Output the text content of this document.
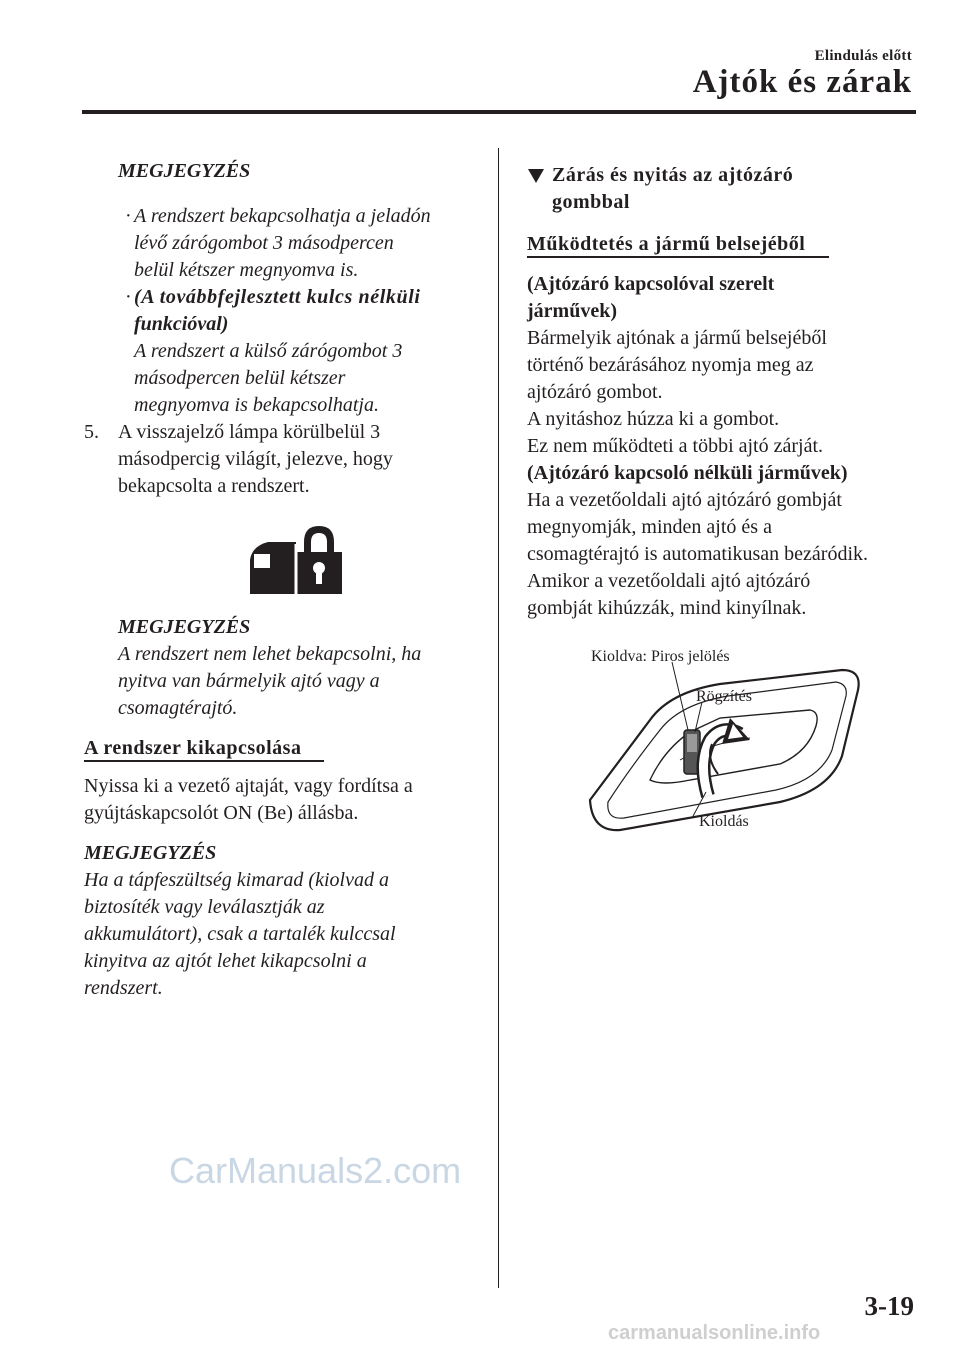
Elindulás előtt
Ajtók és zárak
MEGJEGYZÉS
· A rendszert bekapcsolhatja a jeladón
lévő zárógombot 3 másodpercen
belül kétszer megnyomva is.
· (A továbbfejlesztett kulcs nélküli
funkcióval)
A rendszert a külső zárógombot 3
másodpercen belül kétszer
megnyomva is bekapcsolhatja.
5. A visszajelző lámpa körülbelül 3
másodpercig világít, jelezve, hogy
bekapcsolta a rendszert.
MEGJEGYZÉS
A rendszert nem lehet bekapcsolni, ha
nyitva van bármelyik ajtó vagy a
csomagtérajtó.
A rendszer kikapcsolása
Nyissa ki a vezető ajtaját, vagy fordítsa a
gyújtáskapcsolót ON (Be) állásba.
MEGJEGYZÉS
Ha a tápfeszültség kimarad (kiolvad a
biztosíték vagy leválasztják az
akkumulátort), csak a tartalék kulccsal
kinyitva az ajtót lehet kikapcsolni a
rendszert.
Zárás és nyitás az ajtózáró
gombbal
Működtetés a jármű belsejéből
(Ajtózáró kapcsolóval szerelt
járművek)
Bármelyik ajtónak a jármű belsejéből
történő bezárásához nyomja meg az
ajtózáró gombot.
A nyitáshoz húzza ki a gombot.
Ez nem működteti a többi ajtó zárját.
(Ajtózáró kapcsoló nélküli járművek)
Ha a vezetőoldali ajtó ajtózáró gombját
megnyomják, minden ajtó és a
csomagtérajtó is automatikusan bezáródik.
Amikor a vezetőoldali ajtó ajtózáró
gombját kihúzzák, mind kinyílnak.
Kioldva: Piros jelölés
Rögzítés
Kioldás
CarManuals2.com
3-19
carmanualsonline.info
